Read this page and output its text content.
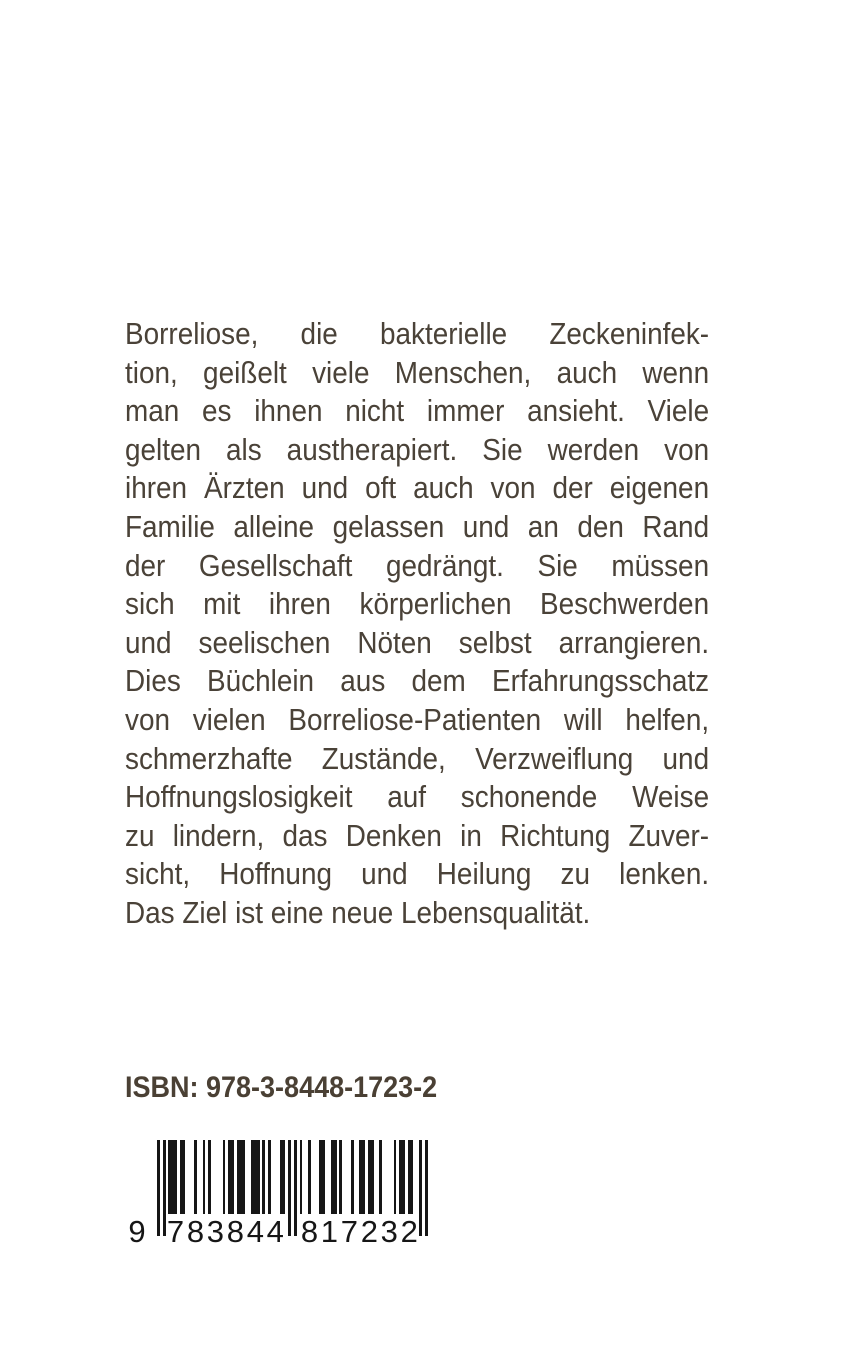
Borreliose, die bakterielle Zeckeninfek-
tion, geißelt viele Menschen, auch wenn
man es ihnen nicht immer ansieht. Viele
gelten als austherapiert. Sie werden von
ihren Ärzten und oft auch von der eigenen
Familie alleine gelassen und an den Rand
der Gesellschaft gedrängt. Sie müssen
sich mit ihren körperlichen Beschwerden
und seelischen Nöten selbst arrangieren.
Dies Büchlein aus dem Erfahrungsschatz
von vielen Borreliose-Patienten will helfen,
schmerzhafte Zustände, Verzweiflung und
Hoffnungslosigkeit auf schonende Weise
zu lindern, das Denken in Richtung Zuver-
sicht, Hoffnung und Heilung zu lenken.
Das Ziel ist eine neue Lebensqualität.
ISBN: 978-3-8448-1723-2
9 7 8 3 8 4 4 8 1 7 2 3 2
